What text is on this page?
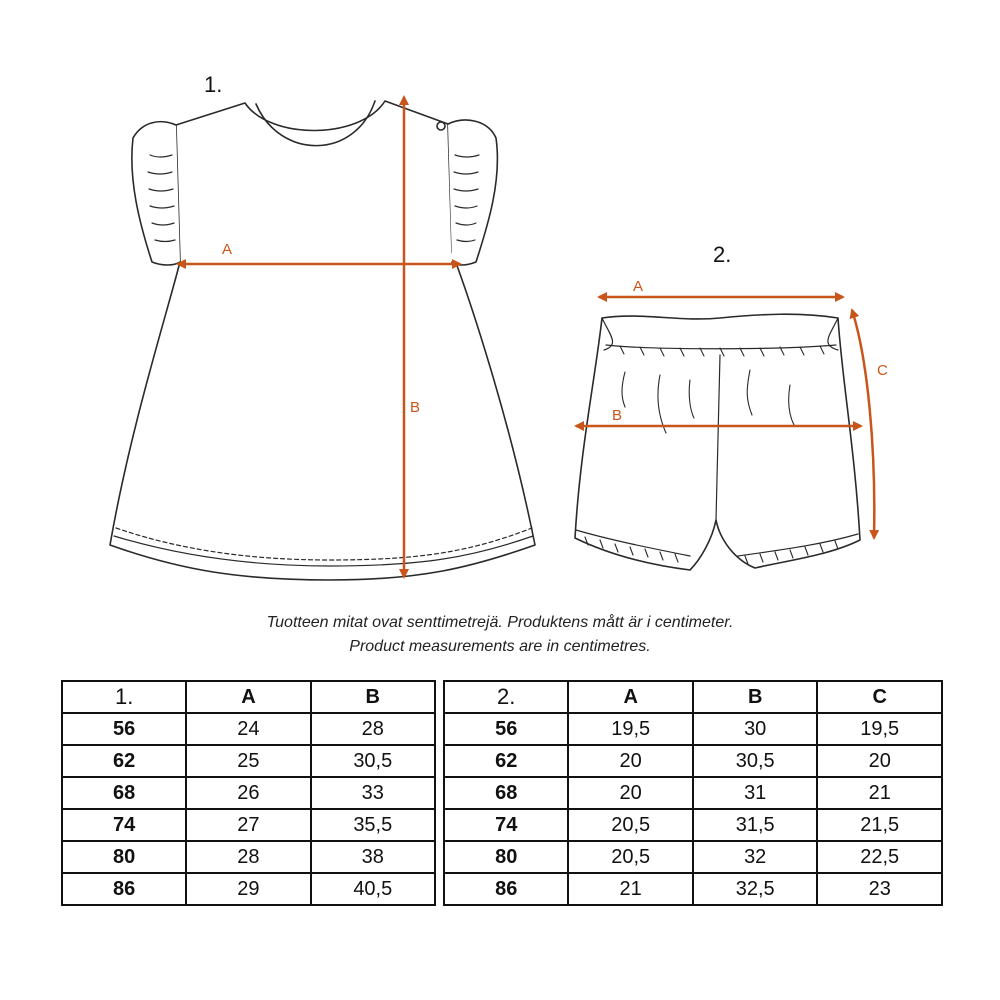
1.
2.
A
B
A
B
C
Tuotteen mitat ovat senttimetrejä. Produktens mått är i centimeter.
Product measurements are in centimetres.
1.	A	B
56	24	28
62	25	30,5
68	26	33
74	27	35,5
80	28	38
86	29	40,5
2.	A	B	C
56	19,5	30	19,5
62	20	30,5	20
68	20	31	21
74	20,5	31,5	21,5
80	20,5	32	22,5
86	21	32,5	23
